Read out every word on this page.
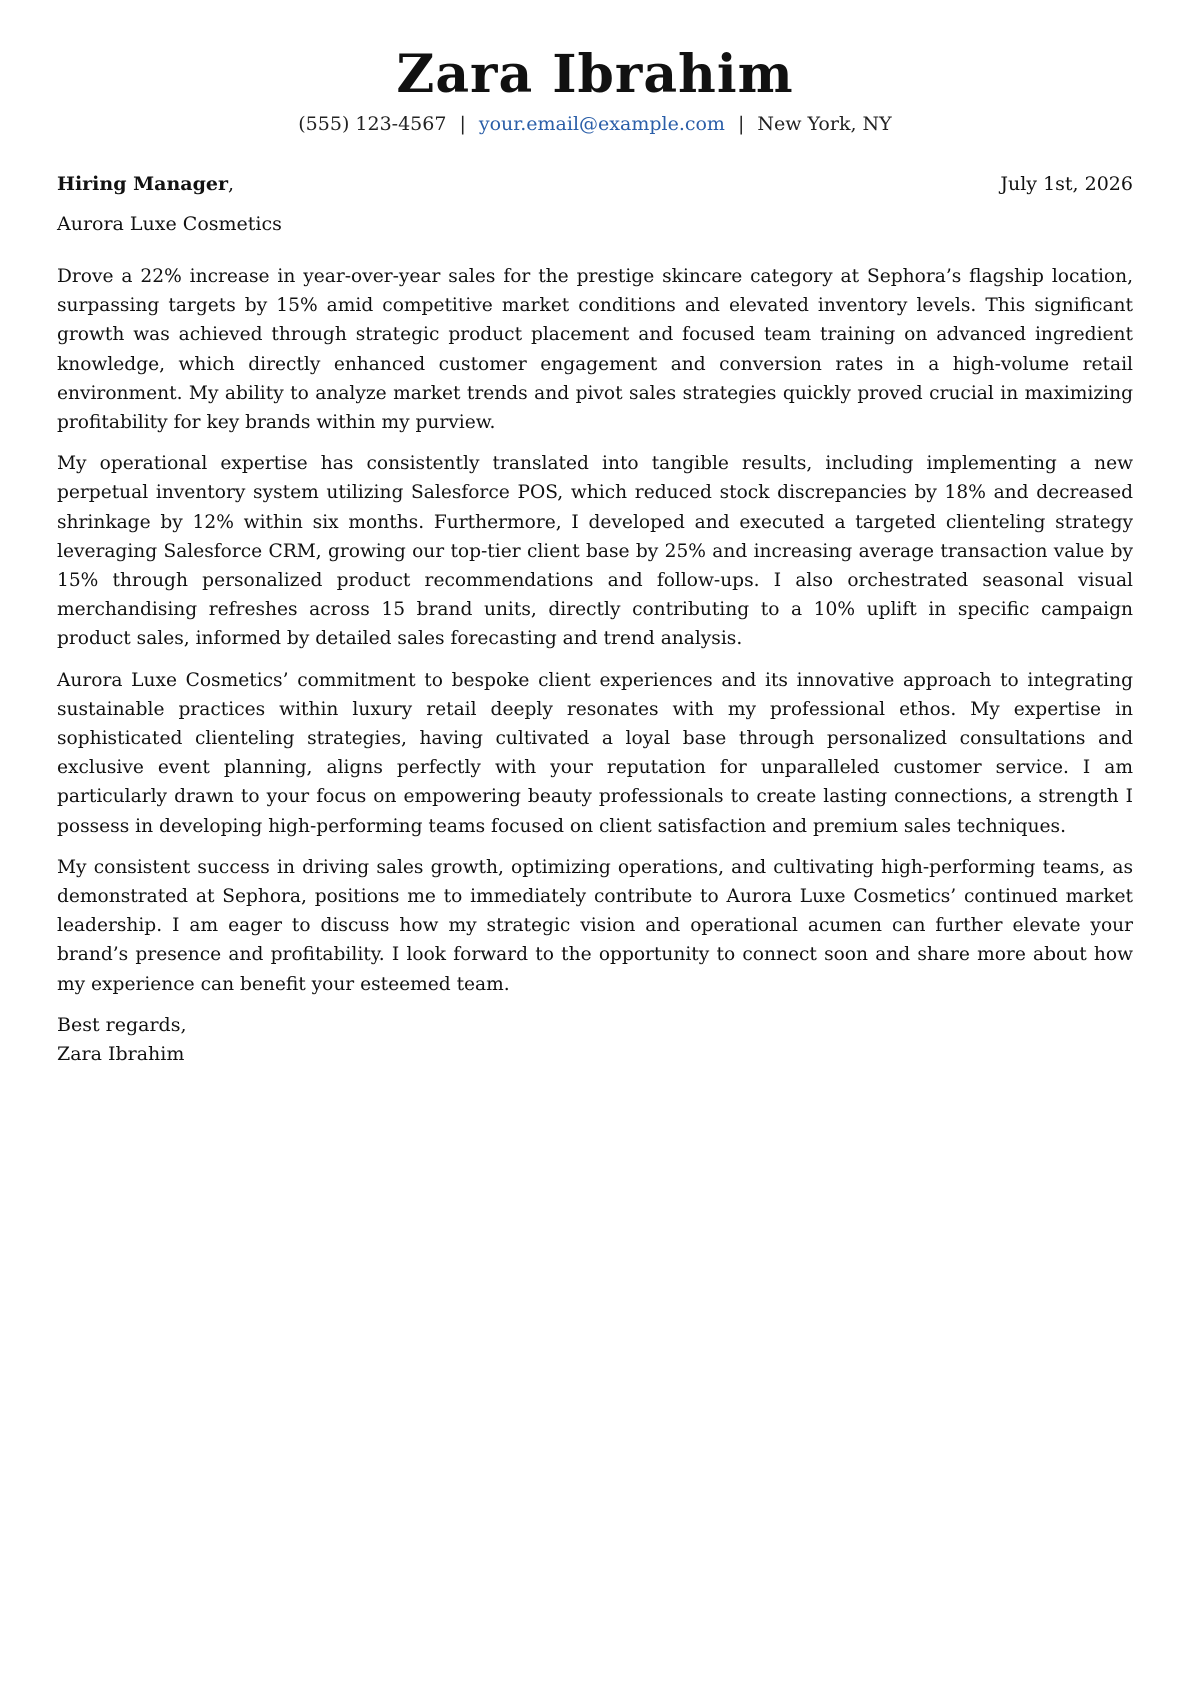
Zara Ibrahim
(555) 123-4567 | your.email@example.com | New York, NY
Hiring Manager,	July 1st, 2026
Aurora Luxe Cosmetics

Drove a 22% increase in year-over-year sales for the prestige skincare category at Sephora’s flagship location, surpassing targets by 15% amid competitive market conditions and elevated inventory levels. This significant growth was achieved through strategic product placement and focused team training on advanced ingredient knowledge, which directly enhanced customer engagement and conversion rates in a high-volume retail environment. My ability to analyze market trends and pivot sales strategies quickly proved crucial in maximizing profitability for key brands within my purview.

My operational expertise has consistently translated into tangible results, including implementing a new perpetual inventory system utilizing Salesforce POS, which reduced stock discrepancies by 18% and decreased shrinkage by 12% within six months. Furthermore, I developed and executed a targeted clienteling strategy leveraging Salesforce CRM, growing our top-tier client base by 25% and increasing average transaction value by 15% through personalized product recommendations and follow-ups. I also orchestrated seasonal visual merchandising refreshes across 15 brand units, directly contributing to a 10% uplift in specific campaign product sales, informed by detailed sales forecasting and trend analysis.

Aurora Luxe Cosmetics’ commitment to bespoke client experiences and its innovative approach to integrating sustainable practices within luxury retail deeply resonates with my professional ethos. My expertise in sophisticated clienteling strategies, having cultivated a loyal base through personalized consultations and exclusive event planning, aligns perfectly with your reputation for unparalleled customer service. I am particularly drawn to your focus on empowering beauty professionals to create lasting connections, a strength I possess in developing high-performing teams focused on client satisfaction and premium sales techniques.

My consistent success in driving sales growth, optimizing operations, and cultivating high-performing teams, as demonstrated at Sephora, positions me to immediately contribute to Aurora Luxe Cosmetics’ continued market leadership. I am eager to discuss how my strategic vision and operational acumen can further elevate your brand’s presence and profitability. I look forward to the opportunity to connect soon and share more about how my experience can benefit your esteemed team.

Best regards,
Zara Ibrahim
